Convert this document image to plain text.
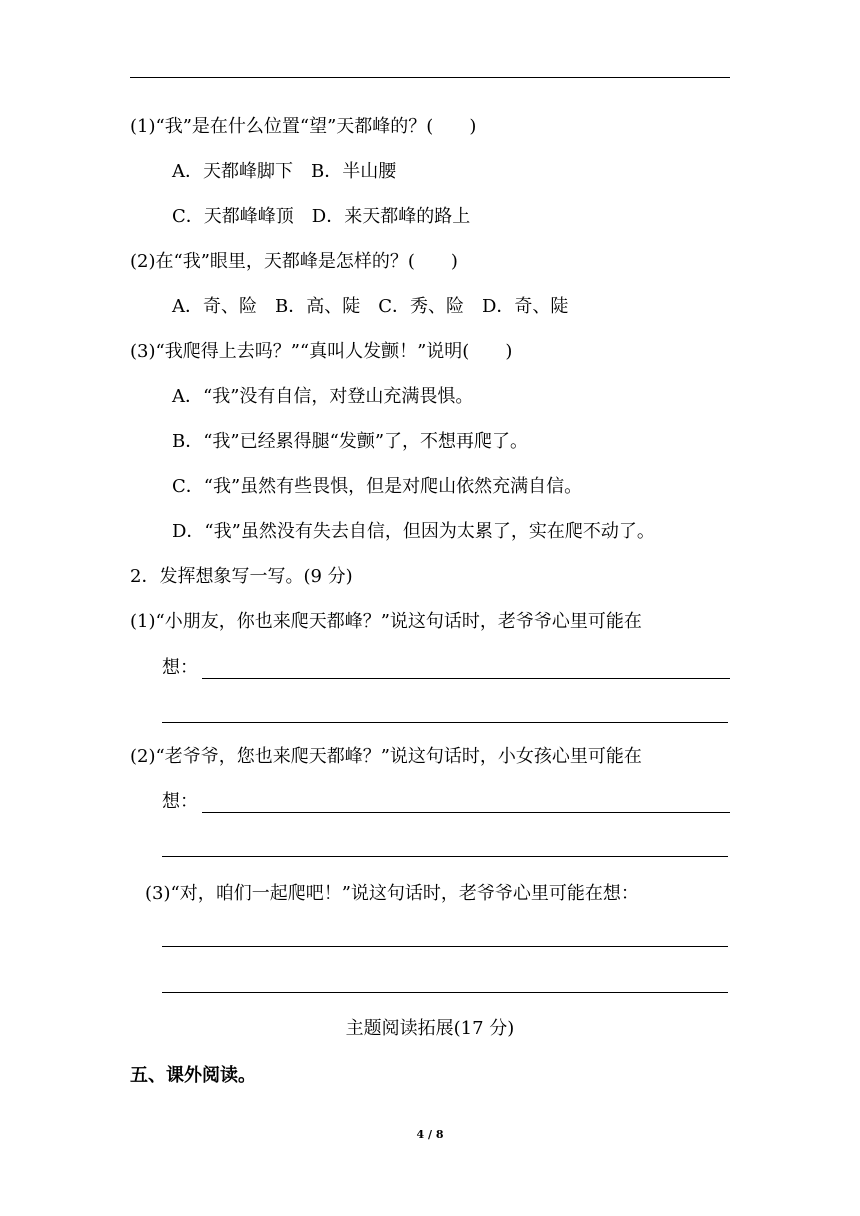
(1)“我”是在什么位置“望”天都峰的？(　　)
A．天都峰脚下　B．半山腰
C．天都峰峰顶　D．来天都峰的路上
(2)在“我”眼里，天都峰是怎样的？(　　)
A．奇、险　B．高、陡　C．秀、险　D．奇、陡
(3)“我爬得上去吗？”“真叫人发颤！”说明(　　)
A．“我”没有自信，对登山充满畏惧。
B．“我”已经累得腿“发颤”了，不想再爬了。
C．“我”虽然有些畏惧，但是对爬山依然充满自信。
D．“我”虽然没有失去自信，但因为太累了，实在爬不动了。
2．发挥想象写一写。(9 分)
(1)“小朋友，你也来爬天都峰？”说这句话时，老爷爷心里可能在
想：
(2)“老爷爷，您也来爬天都峰？”说这句话时，小女孩心里可能在
想：
(3)“对，咱们一起爬吧！”说这句话时，老爷爷心里可能在想：
主题阅读拓展(17 分)
五、课外阅读。
4 / 8
